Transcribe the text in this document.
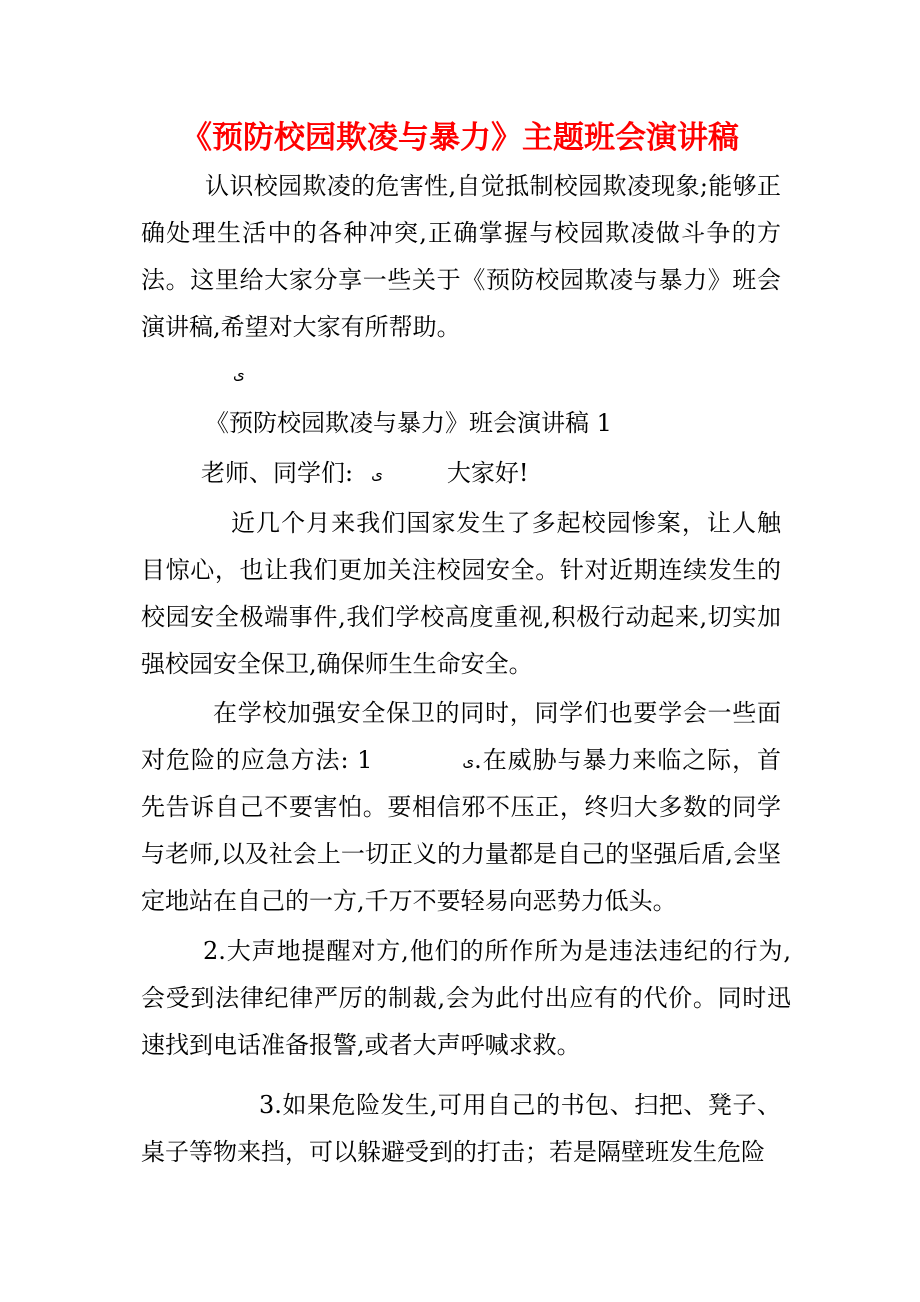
《预防校园欺凌与暴力》主题班会演讲稿

认识校园欺凌的危害性,自觉抵制校园欺凌现象;能够正确处理生活中的各种冲突,正确掌握与校园欺凌做斗争的方法。这里给大家分享一些关于《预防校园欺凌与暴力》班会演讲稿,希望对大家有所帮助。

ى

《预防校园欺凌与暴力》班会演讲稿 1

老师、同学们: ى	大家好!

近几个月来我们国家发生了多起校园惨案，让人触目惊心，也让我们更加关注校园安全。针对近期连续发生的校园安全极端事件,我们学校高度重视,积极行动起来,切实加强校园安全保卫,确保师生生命安全。

在学校加强安全保卫的同时，同学们也要学会一些面对危险的应急方法: 1	ى.在威胁与暴力来临之际，首先告诉自己不要害怕。要相信邪不压正，终归大多数的同学与老师,以及社会上一切正义的力量都是自己的坚强后盾,会坚定地站在自己的一方,千万不要轻易向恶势力低头。

2.大声地提醒对方,他们的所作所为是违法违纪的行为,会受到法律纪律严厉的制裁,会为此付出应有的代价。同时迅速找到电话准备报警,或者大声呼喊求救。

3.如果危险发生,可用自己的书包、扫把、凳子、桌子等物来挡，可以躲避受到的打击；若是隔壁班发生危险
